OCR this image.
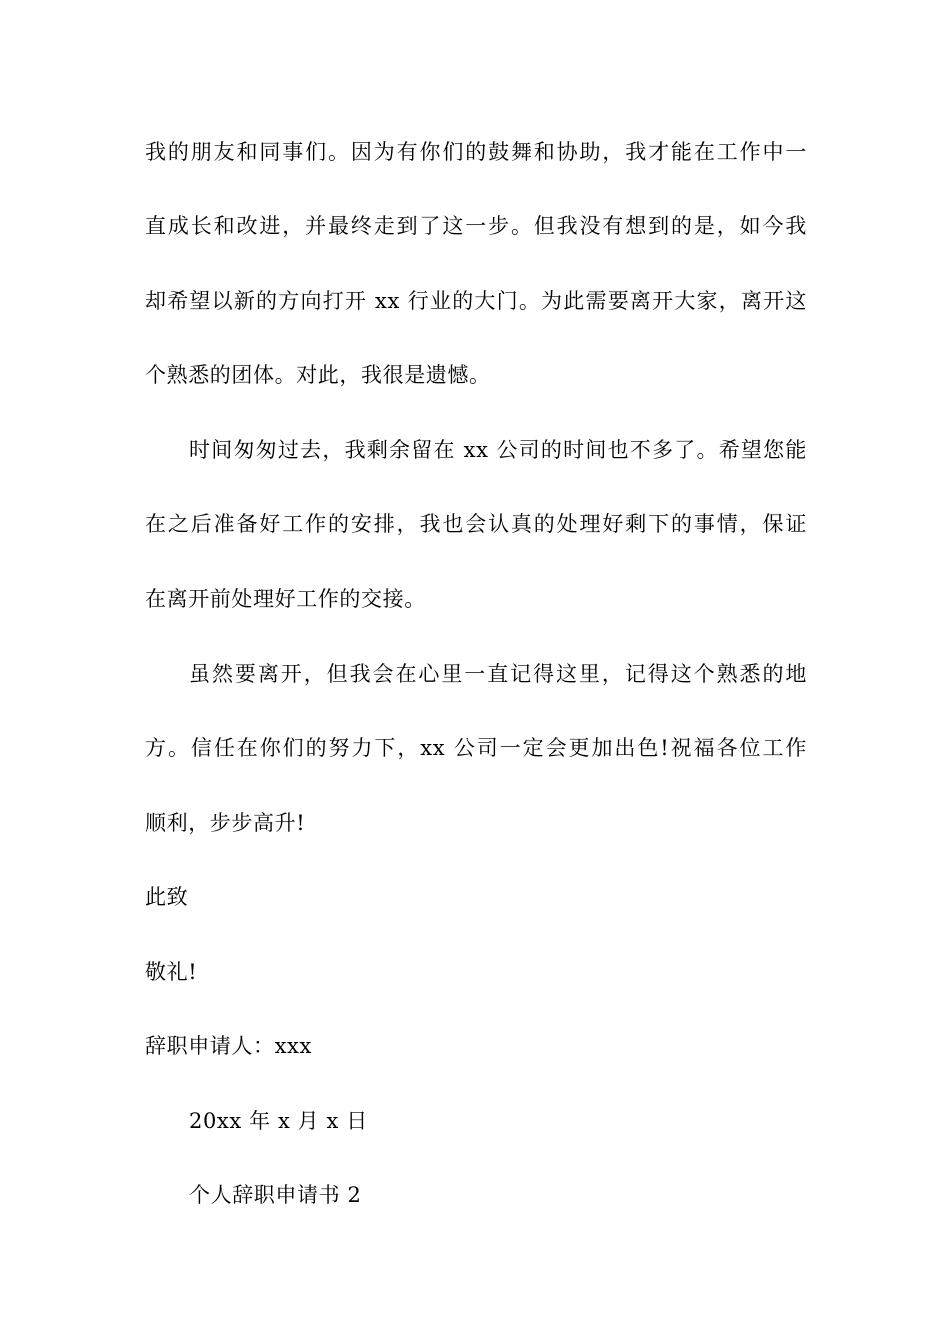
我的朋友和同事们。因为有你们的鼓舞和协助，我才能在工作中一
直成长和改进，并最终走到了这一步。但我没有想到的是，如今我
却希望以新的方向打开 xx 行业的大门。为此需要离开大家，离开这
个熟悉的团体。对此，我很是遗憾。
时间匆匆过去，我剩余留在 xx 公司的时间也不多了。希望您能
在之后准备好工作的安排，我也会认真的处理好剩下的事情，保证
在离开前处理好工作的交接。
虽然要离开，但我会在心里一直记得这里，记得这个熟悉的地
方。信任在你们的努力下，xx 公司一定会更加出色!祝福各位工作
顺利，步步高升!
此致
敬礼!
辞职申请人：xxx
20xx 年 x 月 x 日
个人辞职申请书 2
